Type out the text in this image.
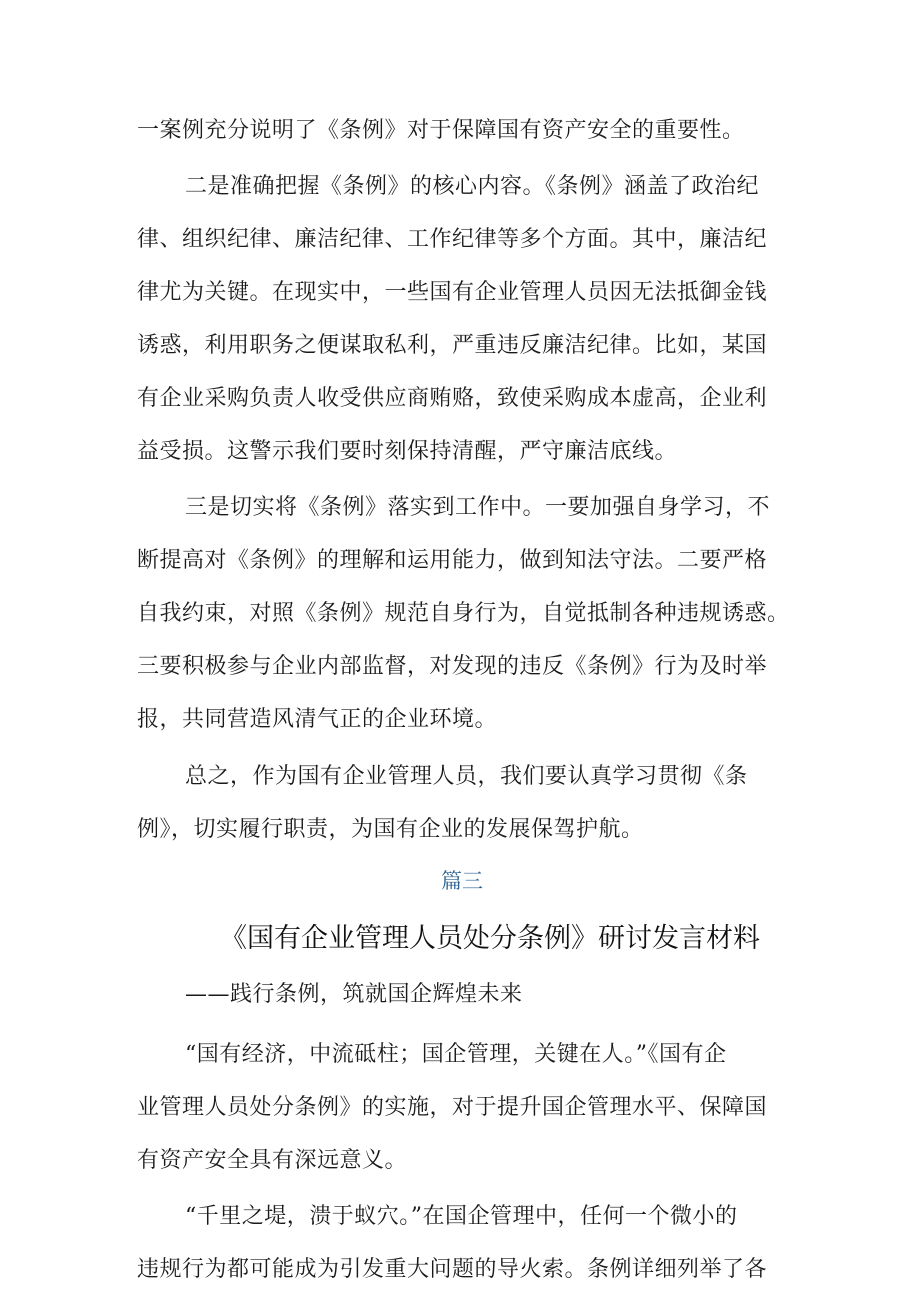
一案例充分说明了《条例》对于保障国有资产安全的重要性。
二是准确把握《条例》的核心内容。《条例》涵盖了政治纪
律、组织纪律、廉洁纪律、工作纪律等多个方面。其中，廉洁纪
律尤为关键。在现实中，一些国有企业管理人员因无法抵御金钱
诱惑，利用职务之便谋取私利，严重违反廉洁纪律。比如，某国
有企业采购负责人收受供应商贿赂，致使采购成本虚高，企业利
益受损。这警示我们要时刻保持清醒，严守廉洁底线。
三是切实将《条例》落实到工作中。一要加强自身学习，不
断提高对《条例》的理解和运用能力，做到知法守法。二要严格
自我约束，对照《条例》规范自身行为，自觉抵制各种违规诱惑。
三要积极参与企业内部监督，对发现的违反《条例》行为及时举
报，共同营造风清气正的企业环境。
总之，作为国有企业管理人员，我们要认真学习贯彻《条
例》，切实履行职责，为国有企业的发展保驾护航。
篇三
《国有企业管理人员处分条例》研讨发言材料
——践行条例，筑就国企辉煌未来
“国有经济，中流砥柱；国企管理，关键在人。”《国有企
业管理人员处分条例》的实施，对于提升国企管理水平、保障国
有资产安全具有深远意义。
“千里之堤，溃于蚁穴。”在国企管理中，任何一个微小的
违规行为都可能成为引发重大问题的导火索。条例详细列举了各
